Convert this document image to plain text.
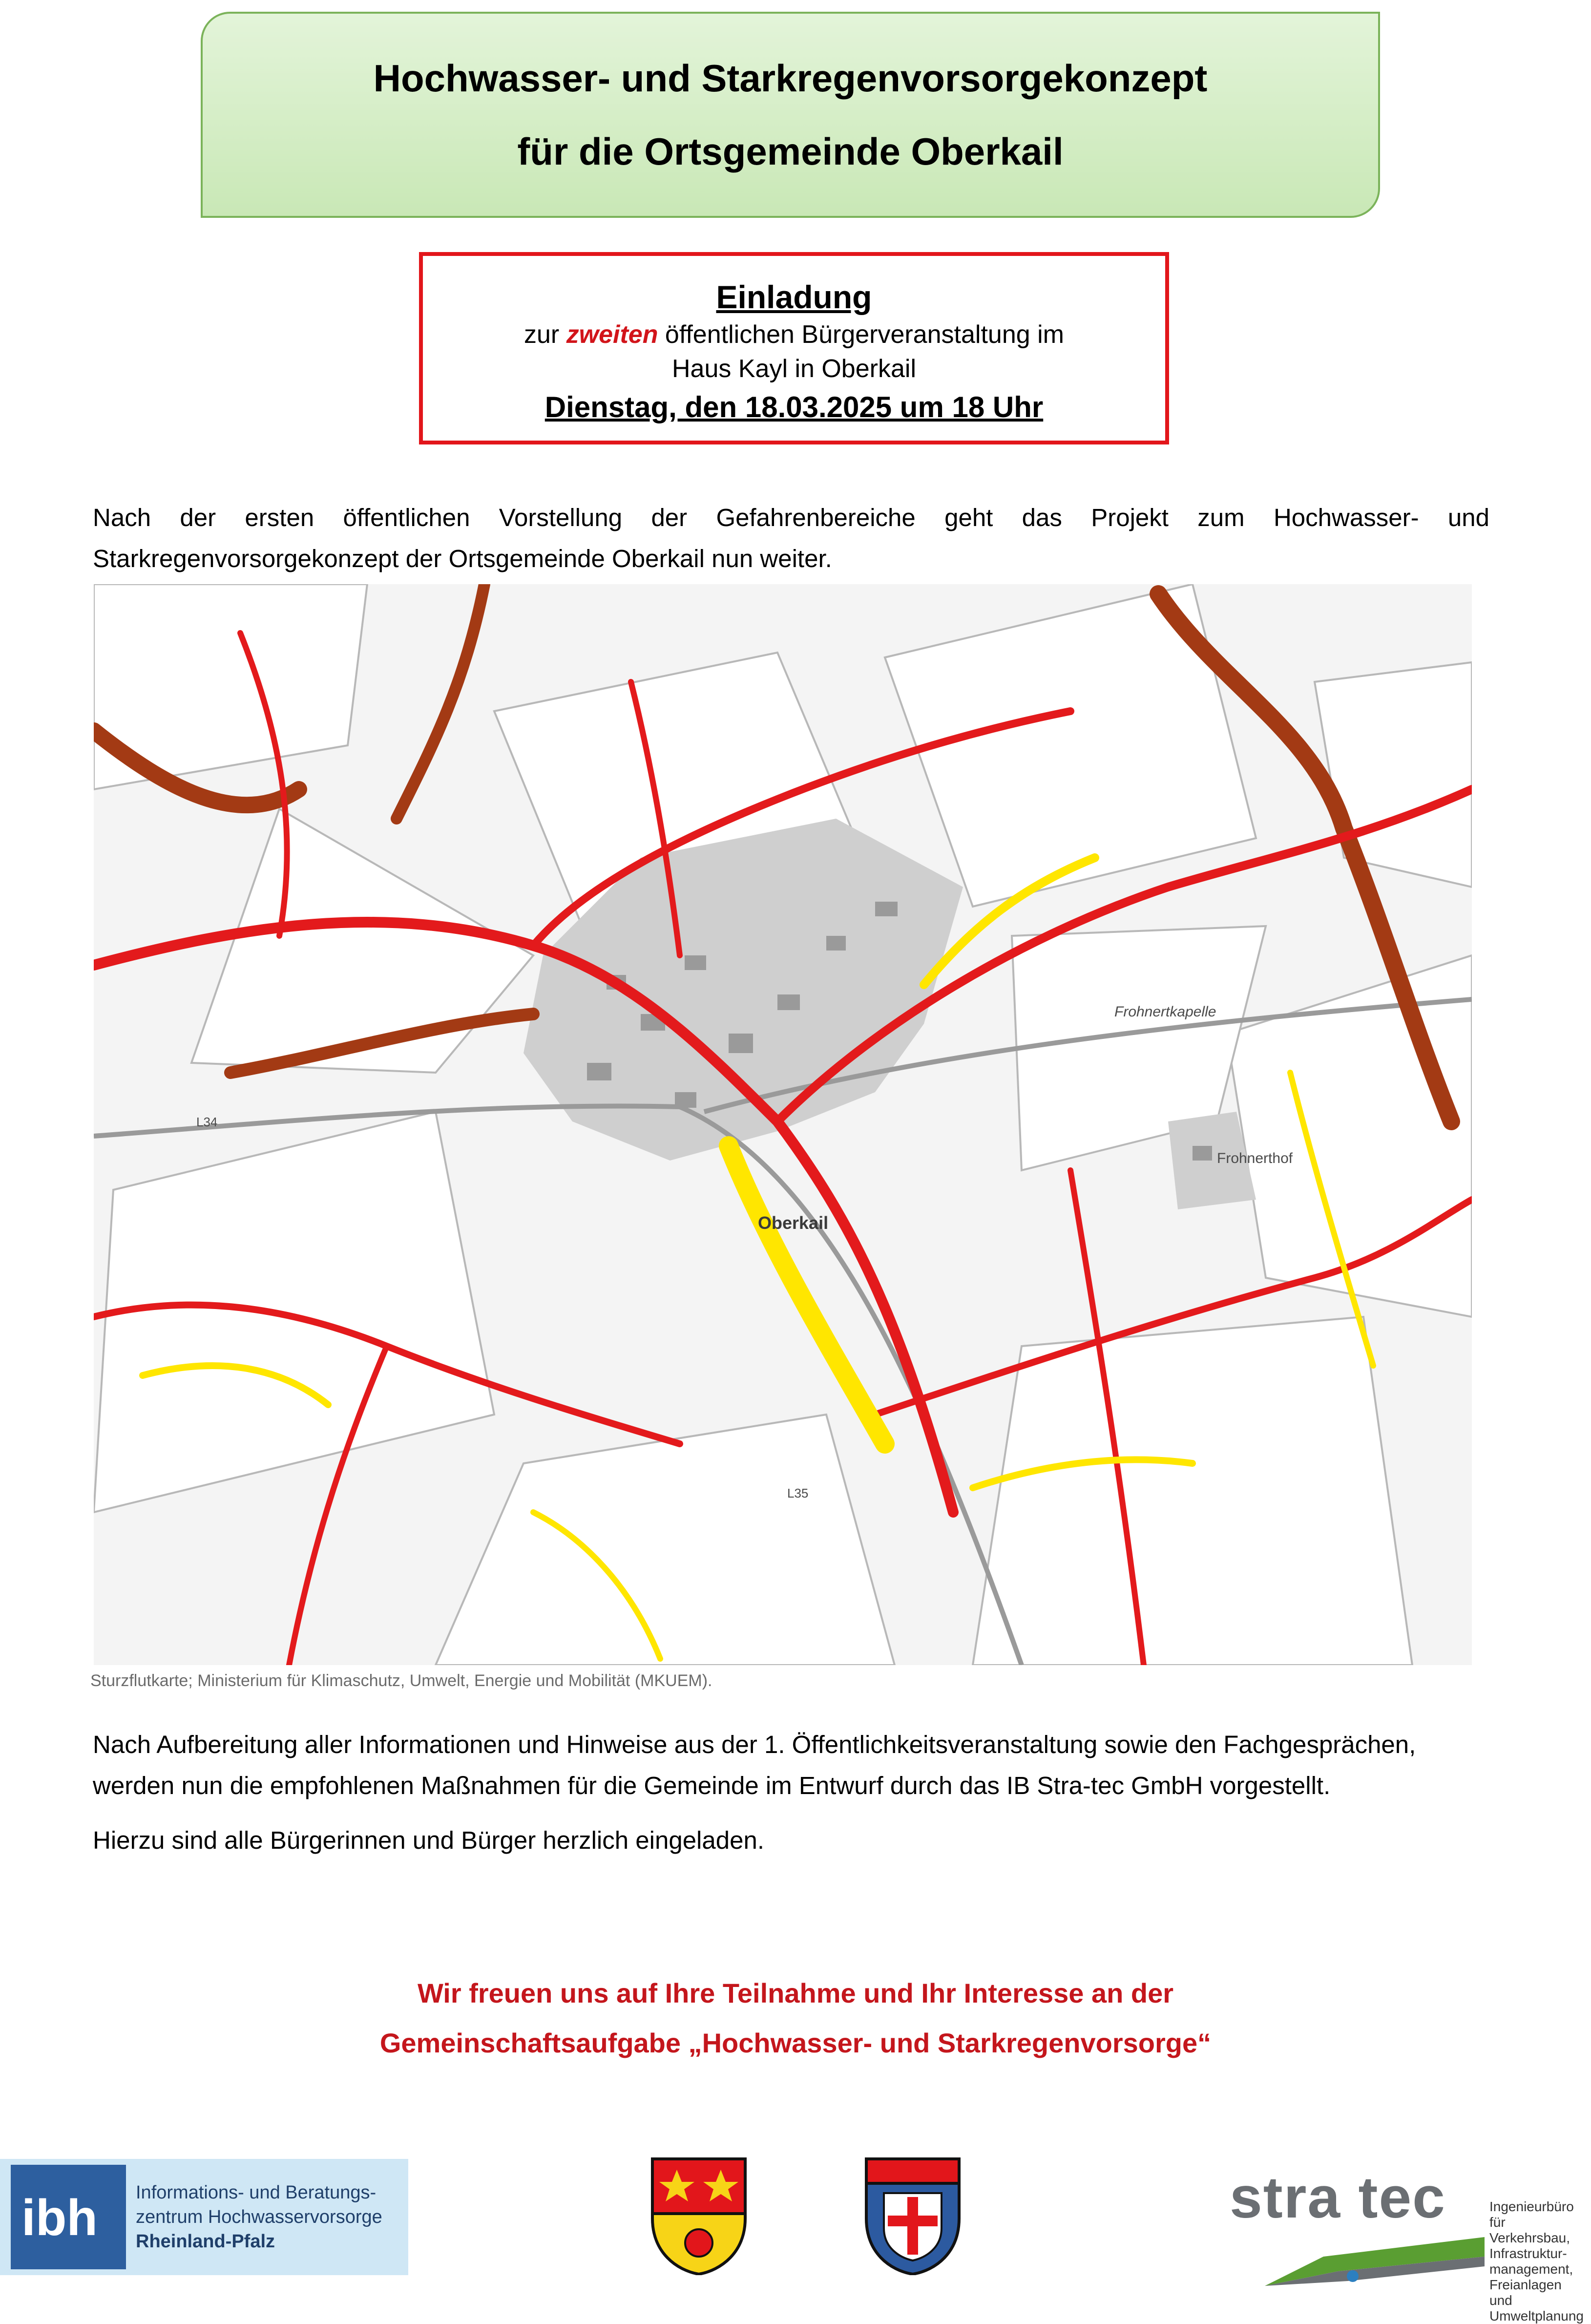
Hochwasser- und Starkregenvorsorgekonzept
für die Ortsgemeinde Oberkail
Einladung
zur zweiten öffentlichen Bürgerveranstaltung im
Haus Kayl in Oberkail
Dienstag, den 18.03.2025 um 18 Uhr
Nach der ersten öffentlichen Vorstellung der Gefahrenbereiche geht das Projekt zum Hochwasser- und Starkregenvorsorgekonzept der Ortsgemeinde Oberkail nun weiter.
Oberkail
Frohnertkapelle
Frohnerthof
L34
L35
Sturzflutkarte; Ministerium für Klimaschutz, Umwelt, Energie und Mobilität (MKUEM).
Nach Aufbereitung aller Informationen und Hinweise aus der 1. Öffentlichkeitsveranstaltung sowie den Fachgesprächen, werden nun die empfohlenen Maßnahmen für die Gemeinde im Entwurf durch das IB Stra-tec GmbH vorgestellt.
Hierzu sind alle Bürgerinnen und Bürger herzlich eingeladen.
Wir freuen uns auf Ihre Teilnahme und Ihr Interesse an der
Gemeinschaftsaufgabe „Hochwasser- und Starkregenvorsorge“
ibh Informations- und Beratungs-
zentrum Hochwasservorsorge
Rheinland-Pfalz
stra tec	Ingenieurbüro
für Verkehrsbau, Infrastruktur-
management, Freianlagen und
Umweltplanung
